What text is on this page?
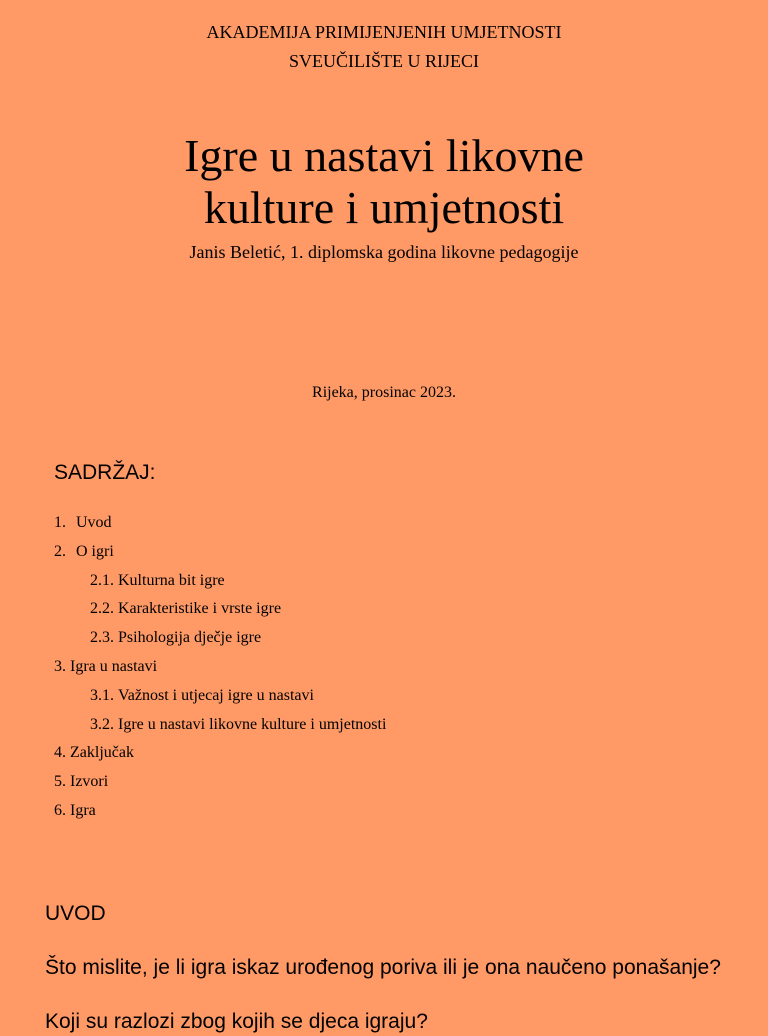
AKADEMIJA PRIMIJENJENIH UMJETNOSTI
SVEUČILIŠTE U RIJECI
Igre u nastavi likovne
kulture i umjetnosti
Janis Beletić, 1. diplomska godina likovne pedagogije
Rijeka, prosinac 2023.
SADRŽAJ:
1. Uvod
2. O igri
2.1. Kulturna bit igre
2.2. Karakteristike i vrste igre
2.3. Psihologija dječje igre
3. Igra u nastavi
3.1. Važnost i utjecaj igre u nastavi
3.2. Igre u nastavi likovne kulture i umjetnosti
4. Zaključak
5. Izvori
6. Igra
UVOD
Što mislite, je li igra iskaz urođenog poriva ili je ona naučeno ponašanje?
Koji su razlozi zbog kojih se djeca igraju?
